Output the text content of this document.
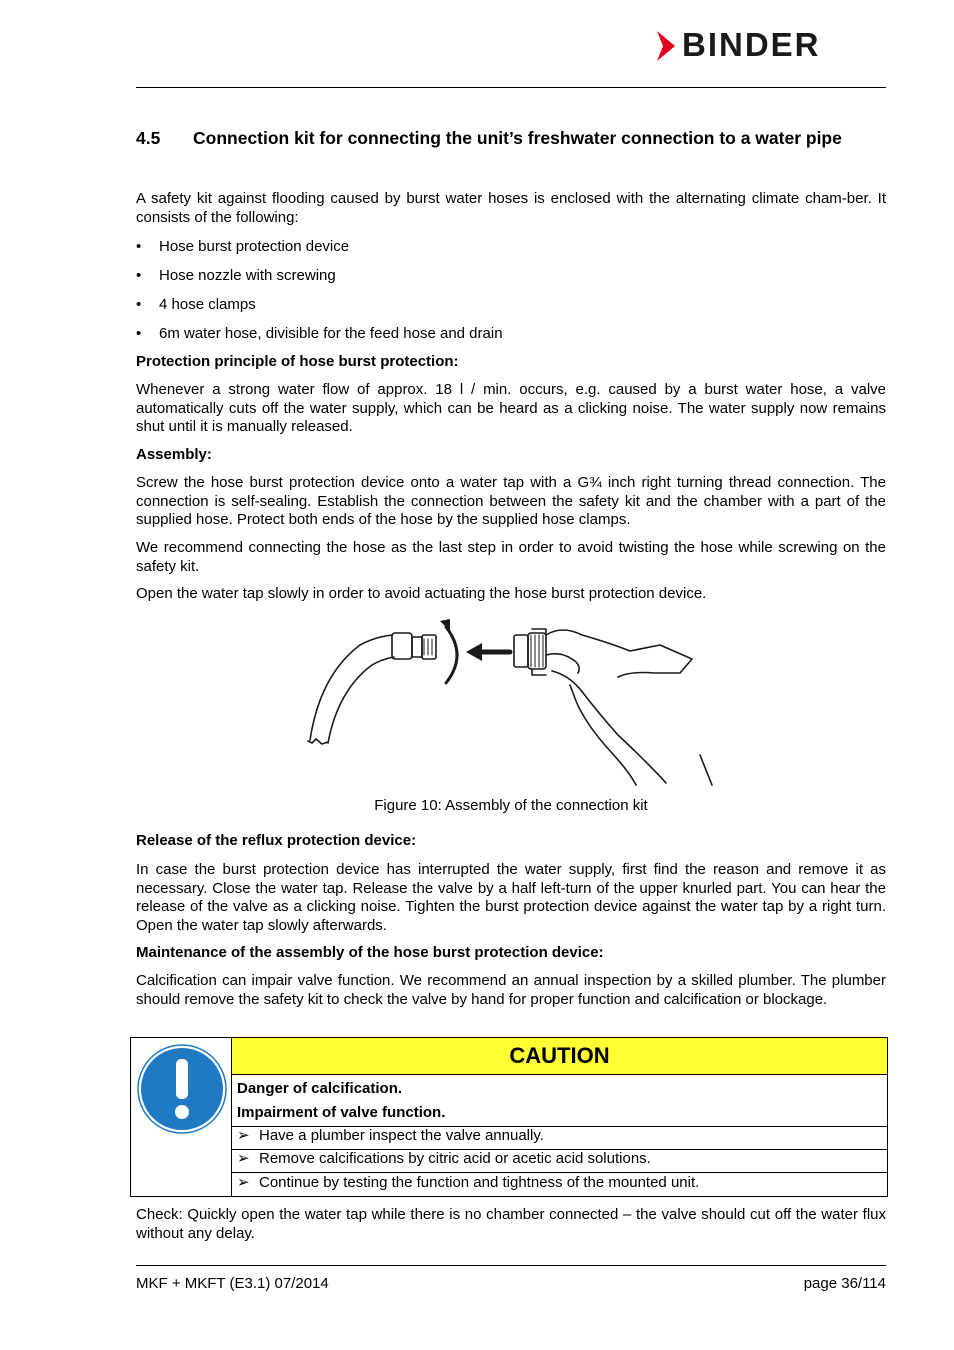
BINDER
4.5 Connection kit for connecting the unit’s freshwater connection to a water pipe
A safety kit against flooding caused by burst water hoses is enclosed with the alternating climate cham-ber. It consists of the following:
• Hose burst protection device
• Hose nozzle with screwing
• 4 hose clamps
• 6m water hose, divisible for the feed hose and drain
Protection principle of hose burst protection:
Whenever a strong water flow of approx. 18 l / min. occurs, e.g. caused by a burst water hose, a valve automatically cuts off the water supply, which can be heard as a clicking noise. The water supply now remains shut until it is manually released.
Assembly:
Screw the hose burst protection device onto a water tap with a G¾ inch right turning thread connection. The connection is self-sealing. Establish the connection between the safety kit and the chamber with a part of the supplied hose. Protect both ends of the hose by the supplied hose clamps.
We recommend connecting the hose as the last step in order to avoid twisting the hose while screwing on the safety kit.
Open the water tap slowly in order to avoid actuating the hose burst protection device.
Figure 10: Assembly of the connection kit
Release of the reflux protection device:
In case the burst protection device has interrupted the water supply, first find the reason and remove it as necessary. Close the water tap. Release the valve by a half left-turn of the upper knurled part. You can hear the release of the valve as a clicking noise. Tighten the burst protection device against the water tap by a right turn. Open the water tap slowly afterwards.
Maintenance of the assembly of the hose burst protection device:
Calcification can impair valve function. We recommend an annual inspection by a skilled plumber. The plumber should remove the safety kit to check the valve by hand for proper function and calcification or blockage.
CAUTION
Danger of calcification.
Impairment of valve function.
➢ Have a plumber inspect the valve annually.
➢ Remove calcifications by citric acid or acetic acid solutions.
➢ Continue by testing the function and tightness of the mounted unit.
Check: Quickly open the water tap while there is no chamber connected – the valve should cut off the water flux without any delay.
MKF + MKFT (E3.1) 07/2014	page 36/114
